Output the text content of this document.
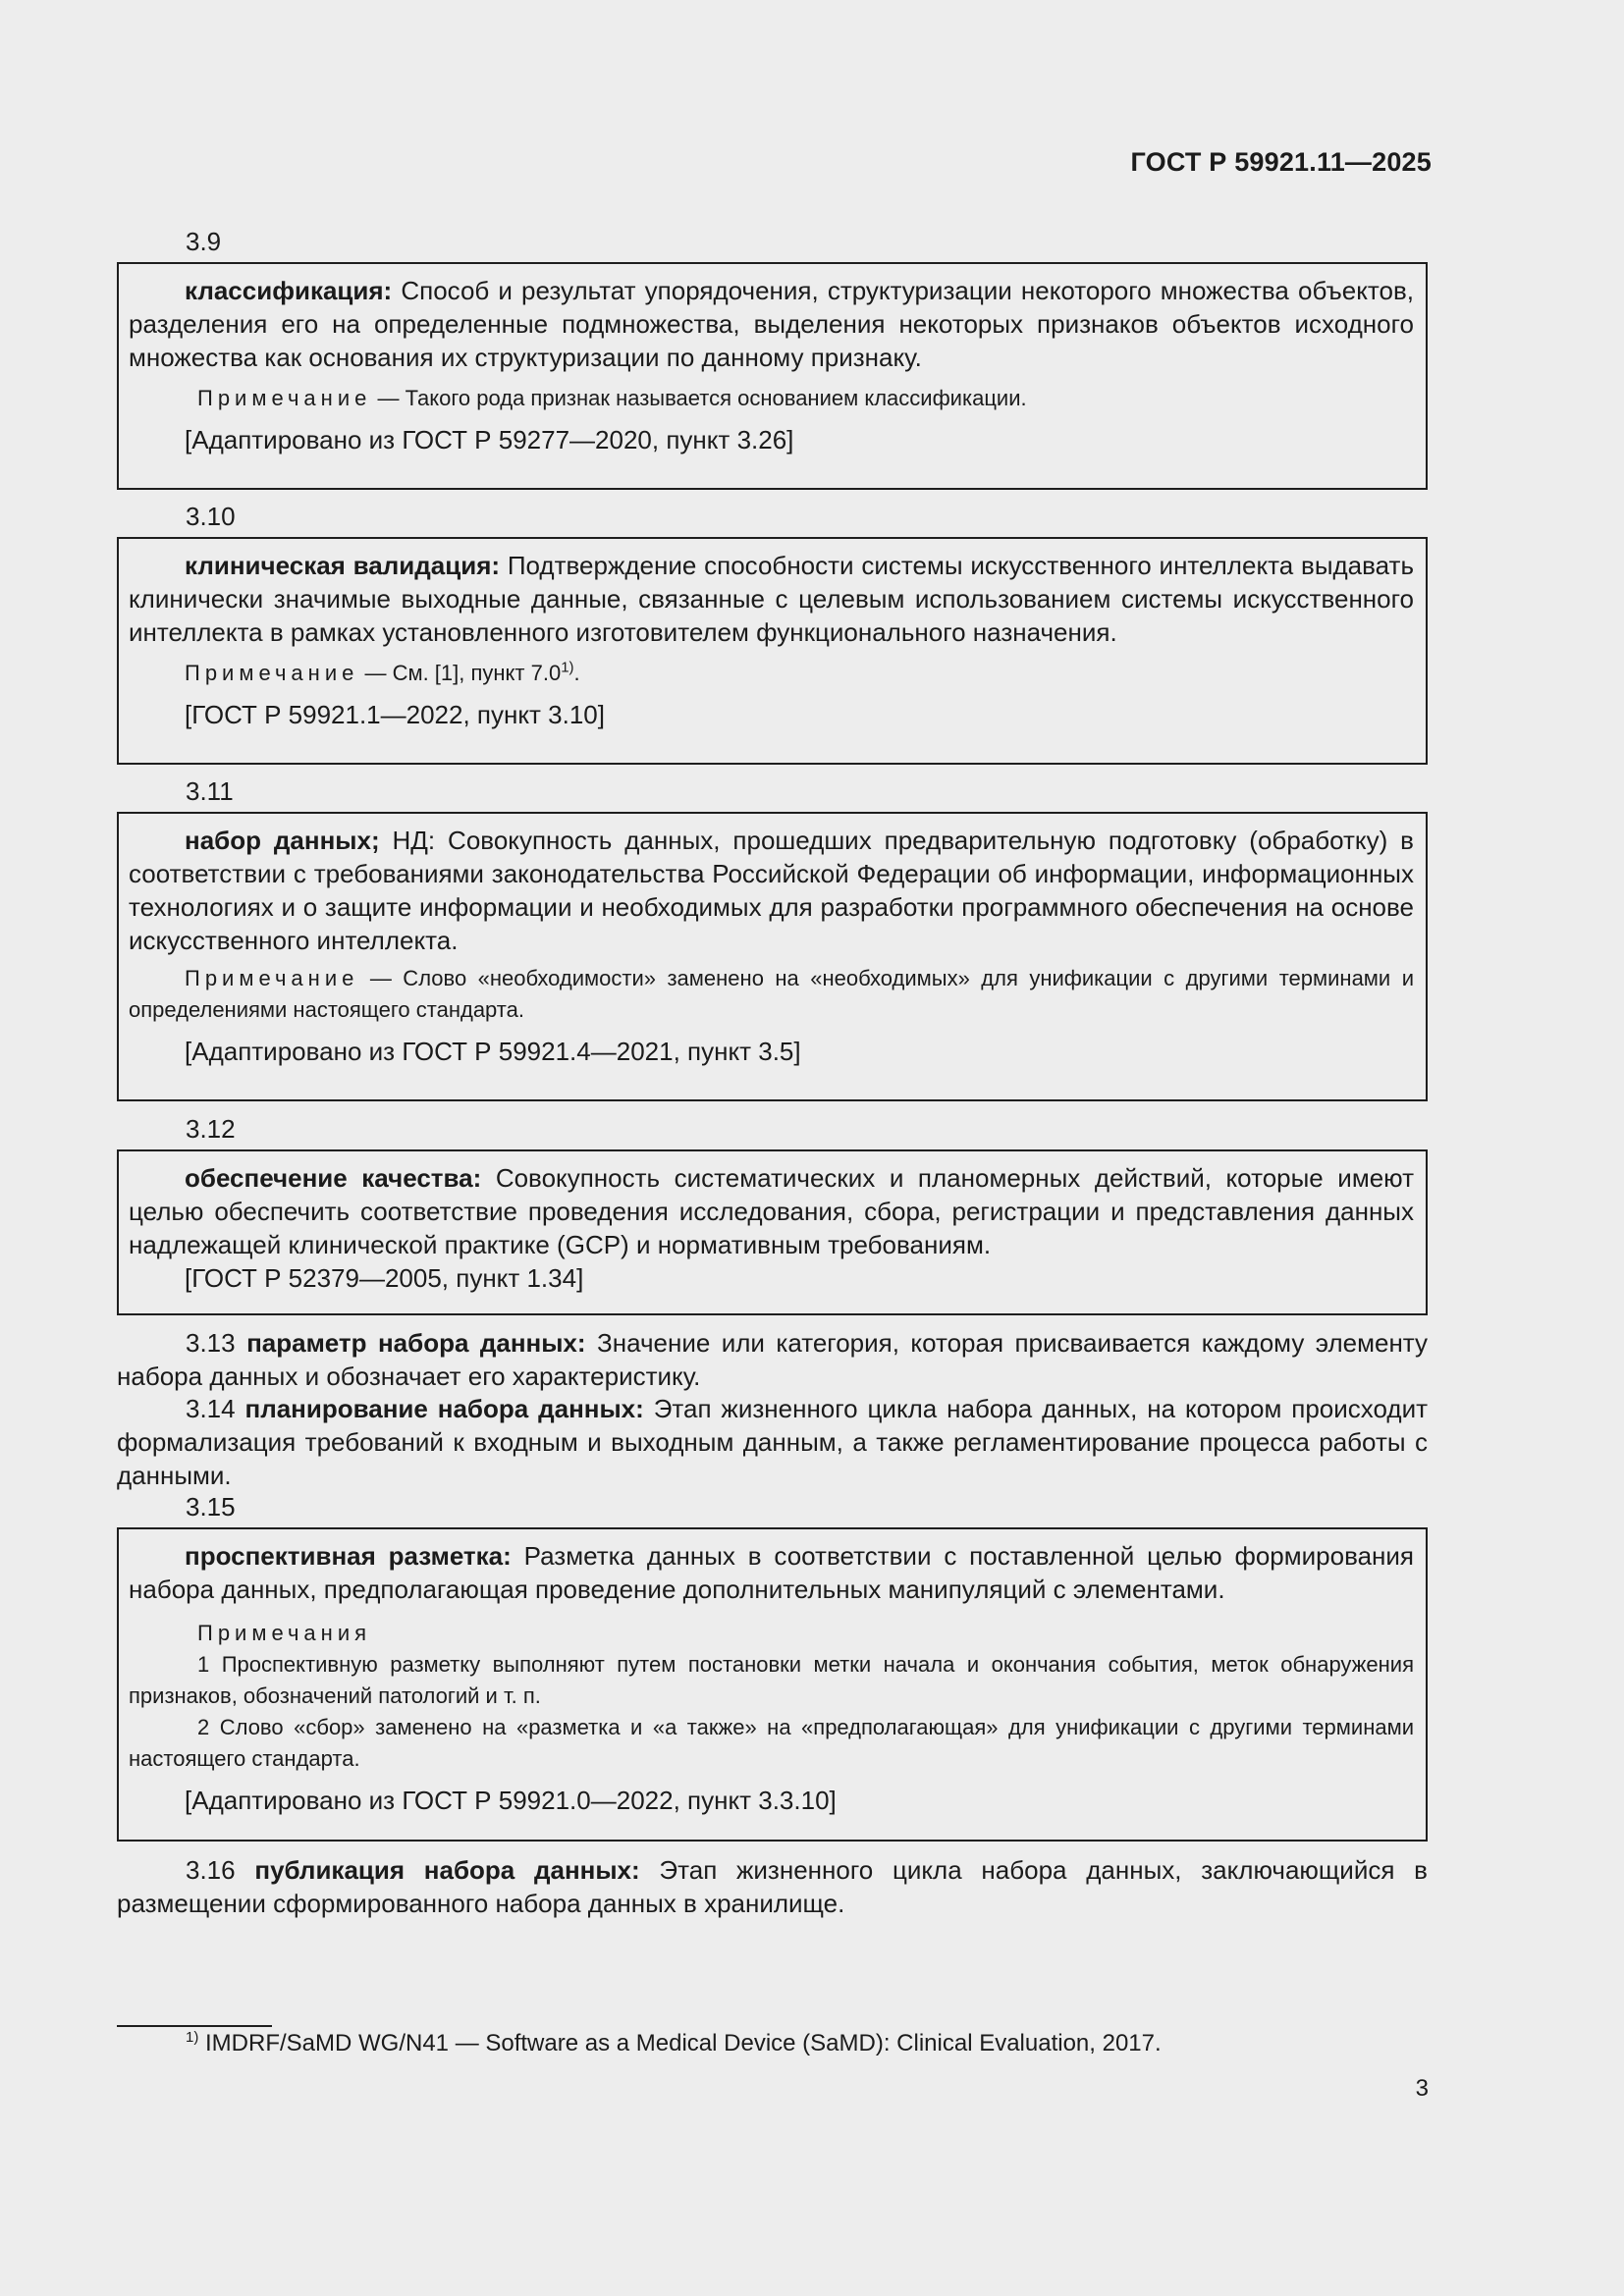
ГОСТ Р 59921.11—2025
3.9

классификация: Способ и результат упорядочения, структуризации некоторого множества объектов, разделения его на определенные подмножества, выделения некоторых признаков объектов исходного множества как основания их структуризации по данному признаку.

Примечание — Такого рода признак называется основанием классификации.

[Адаптировано из ГОСТ Р 59277—2020, пункт 3.26]

3.10

клиническая валидация: Подтверждение способности системы искусственного интеллекта выдавать клинически значимые выходные данные, связанные с целевым использованием системы искусственного интеллекта в рамках установленного изготовителем функционального назначения.

Примечание — См. [1], пункт 7.0$^{1)}$.

[ГОСТ Р 59921.1—2022, пункт 3.10]

3.11

набор данных; НД: Совокупность данных, прошедших предварительную подготовку (обработку) в соответствии с требованиями законодательства Российской Федерации об информации, информационных технологиях и о защите информации и необходимых для разработки программного обеспечения на основе искусственного интеллекта.

Примечание — Слово «необходимости» заменено на «необходимых» для унификации с другими терминами и определениями настоящего стандарта.

[Адаптировано из ГОСТ Р 59921.4—2021, пункт 3.5]

3.12

обеспечение качества: Совокупность систематических и планомерных действий, которые имеют целью обеспечить соответствие проведения исследования, сбора, регистрации и представления данных надлежащей клинической практике (GCP) и нормативным требованиям.

[ГОСТ Р 52379—2005, пункт 1.34]

3.13 параметр набора данных: Значение или категория, которая присваивается каждому элементу набора данных и обозначает его характеристику.

3.14 планирование набора данных: Этап жизненного цикла набора данных, на котором происходит формализация требований к входным и выходным данным, а также регламентирование процесса работы с данными.

3.15

проспективная разметка: Разметка данных в соответствии с поставленной целью формирования набора данных, предполагающая проведение дополнительных манипуляций с элементами.

Примечания

1 Проспективную разметку выполняют путем постановки метки начала и окончания события, меток обнаружения признаков, обозначений патологий и т. п.

2 Слово «сбор» заменено на «разметка и «а также» на «предполагающая» для унификации с другими терминами настоящего стандарта.

[Адаптировано из ГОСТ Р 59921.0—2022, пункт 3.3.10]

3.16 публикация набора данных: Этап жизненного цикла набора данных, заключающийся в размещении сформированного набора данных в хранилище.

$^{1)}$ IMDRF/SaMD WG/N41 — Software as a Medical Device (SaMD): Clinical Evaluation, 2017.
3
